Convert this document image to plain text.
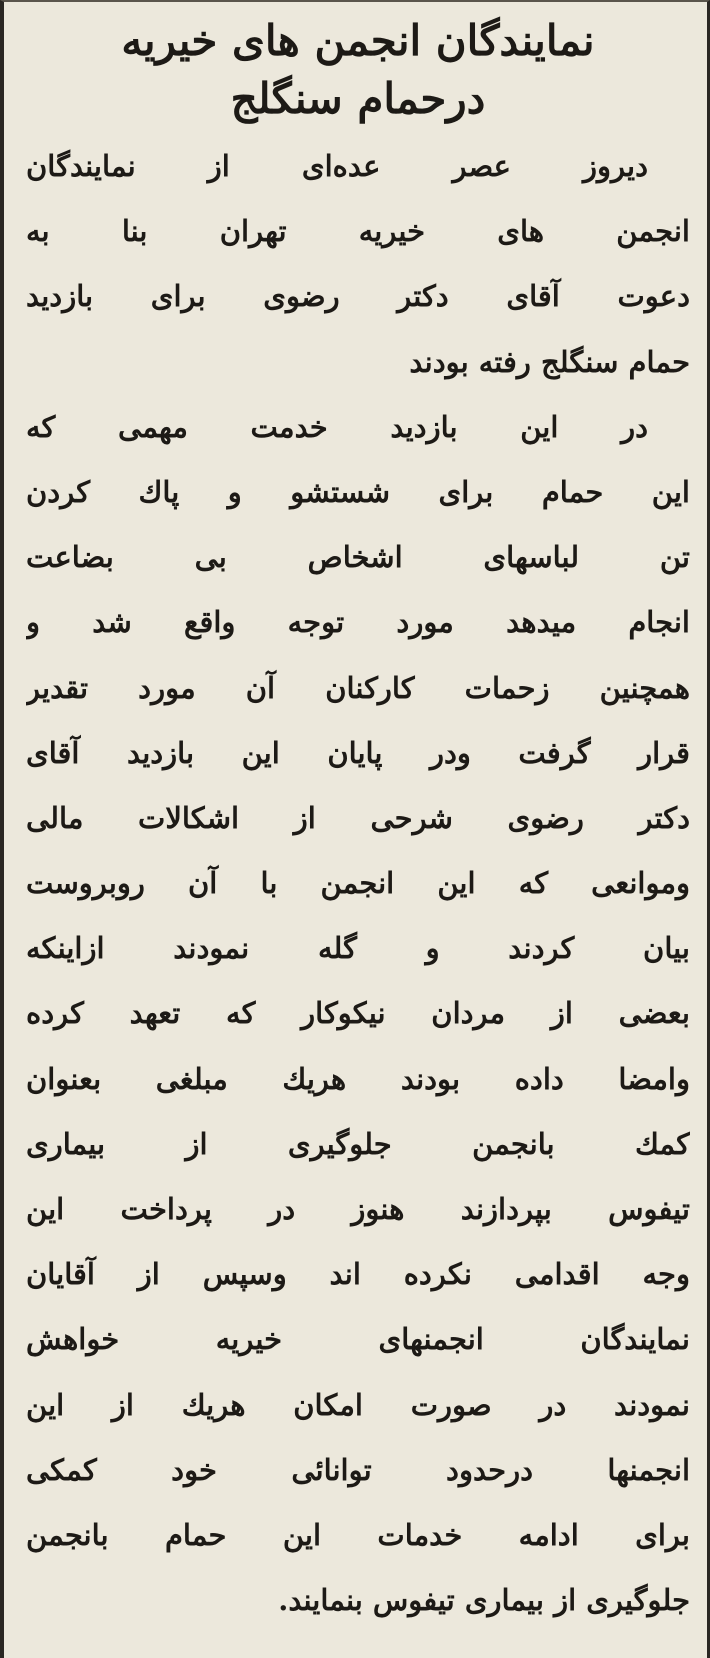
نمایندگان انجمن های خیریه
درحمام سنگلج
دیروز عصر عده‌ای از نمایندگان
انجمن های خیریه تهران بنا به
دعوت آقای دکتر رضوی برای بازدید
حمام سنگلج رفته بودند
در این بازدید خدمت مهمی که
این حمام برای شستشو و پاك کردن
تن لباسهای اشخاص بی بضاعت
انجام میدهد مورد توجه واقع شد و
همچنین زحمات کارکنان آن مورد تقدیر
قرار گرفت ودر پایان این بازدید آقای
دکتر رضوی شرحی از اشکالات مالی
وموانعی که این انجمن با آن روبروست
بیان کردند و گله نمودند ازاینکه
بعضی از مردان نیکوکار که تعهد کرده
وامضا داده بودند هریك مبلغی بعنوان
کمك بانجمن جلوگیری از بیماری
تیفوس بپردازند هنوز در پرداخت این
وجه اقدامی نکرده اند وسپس از آقایان
نمایندگان انجمنهای خیریه خواهش
نمودند در صورت امکان هریك از این
انجمنها درحدود توانائی خود کمکی
برای ادامه خدمات این حمام بانجمن
جلوگیری از بیماری تیفوس بنمایند.
